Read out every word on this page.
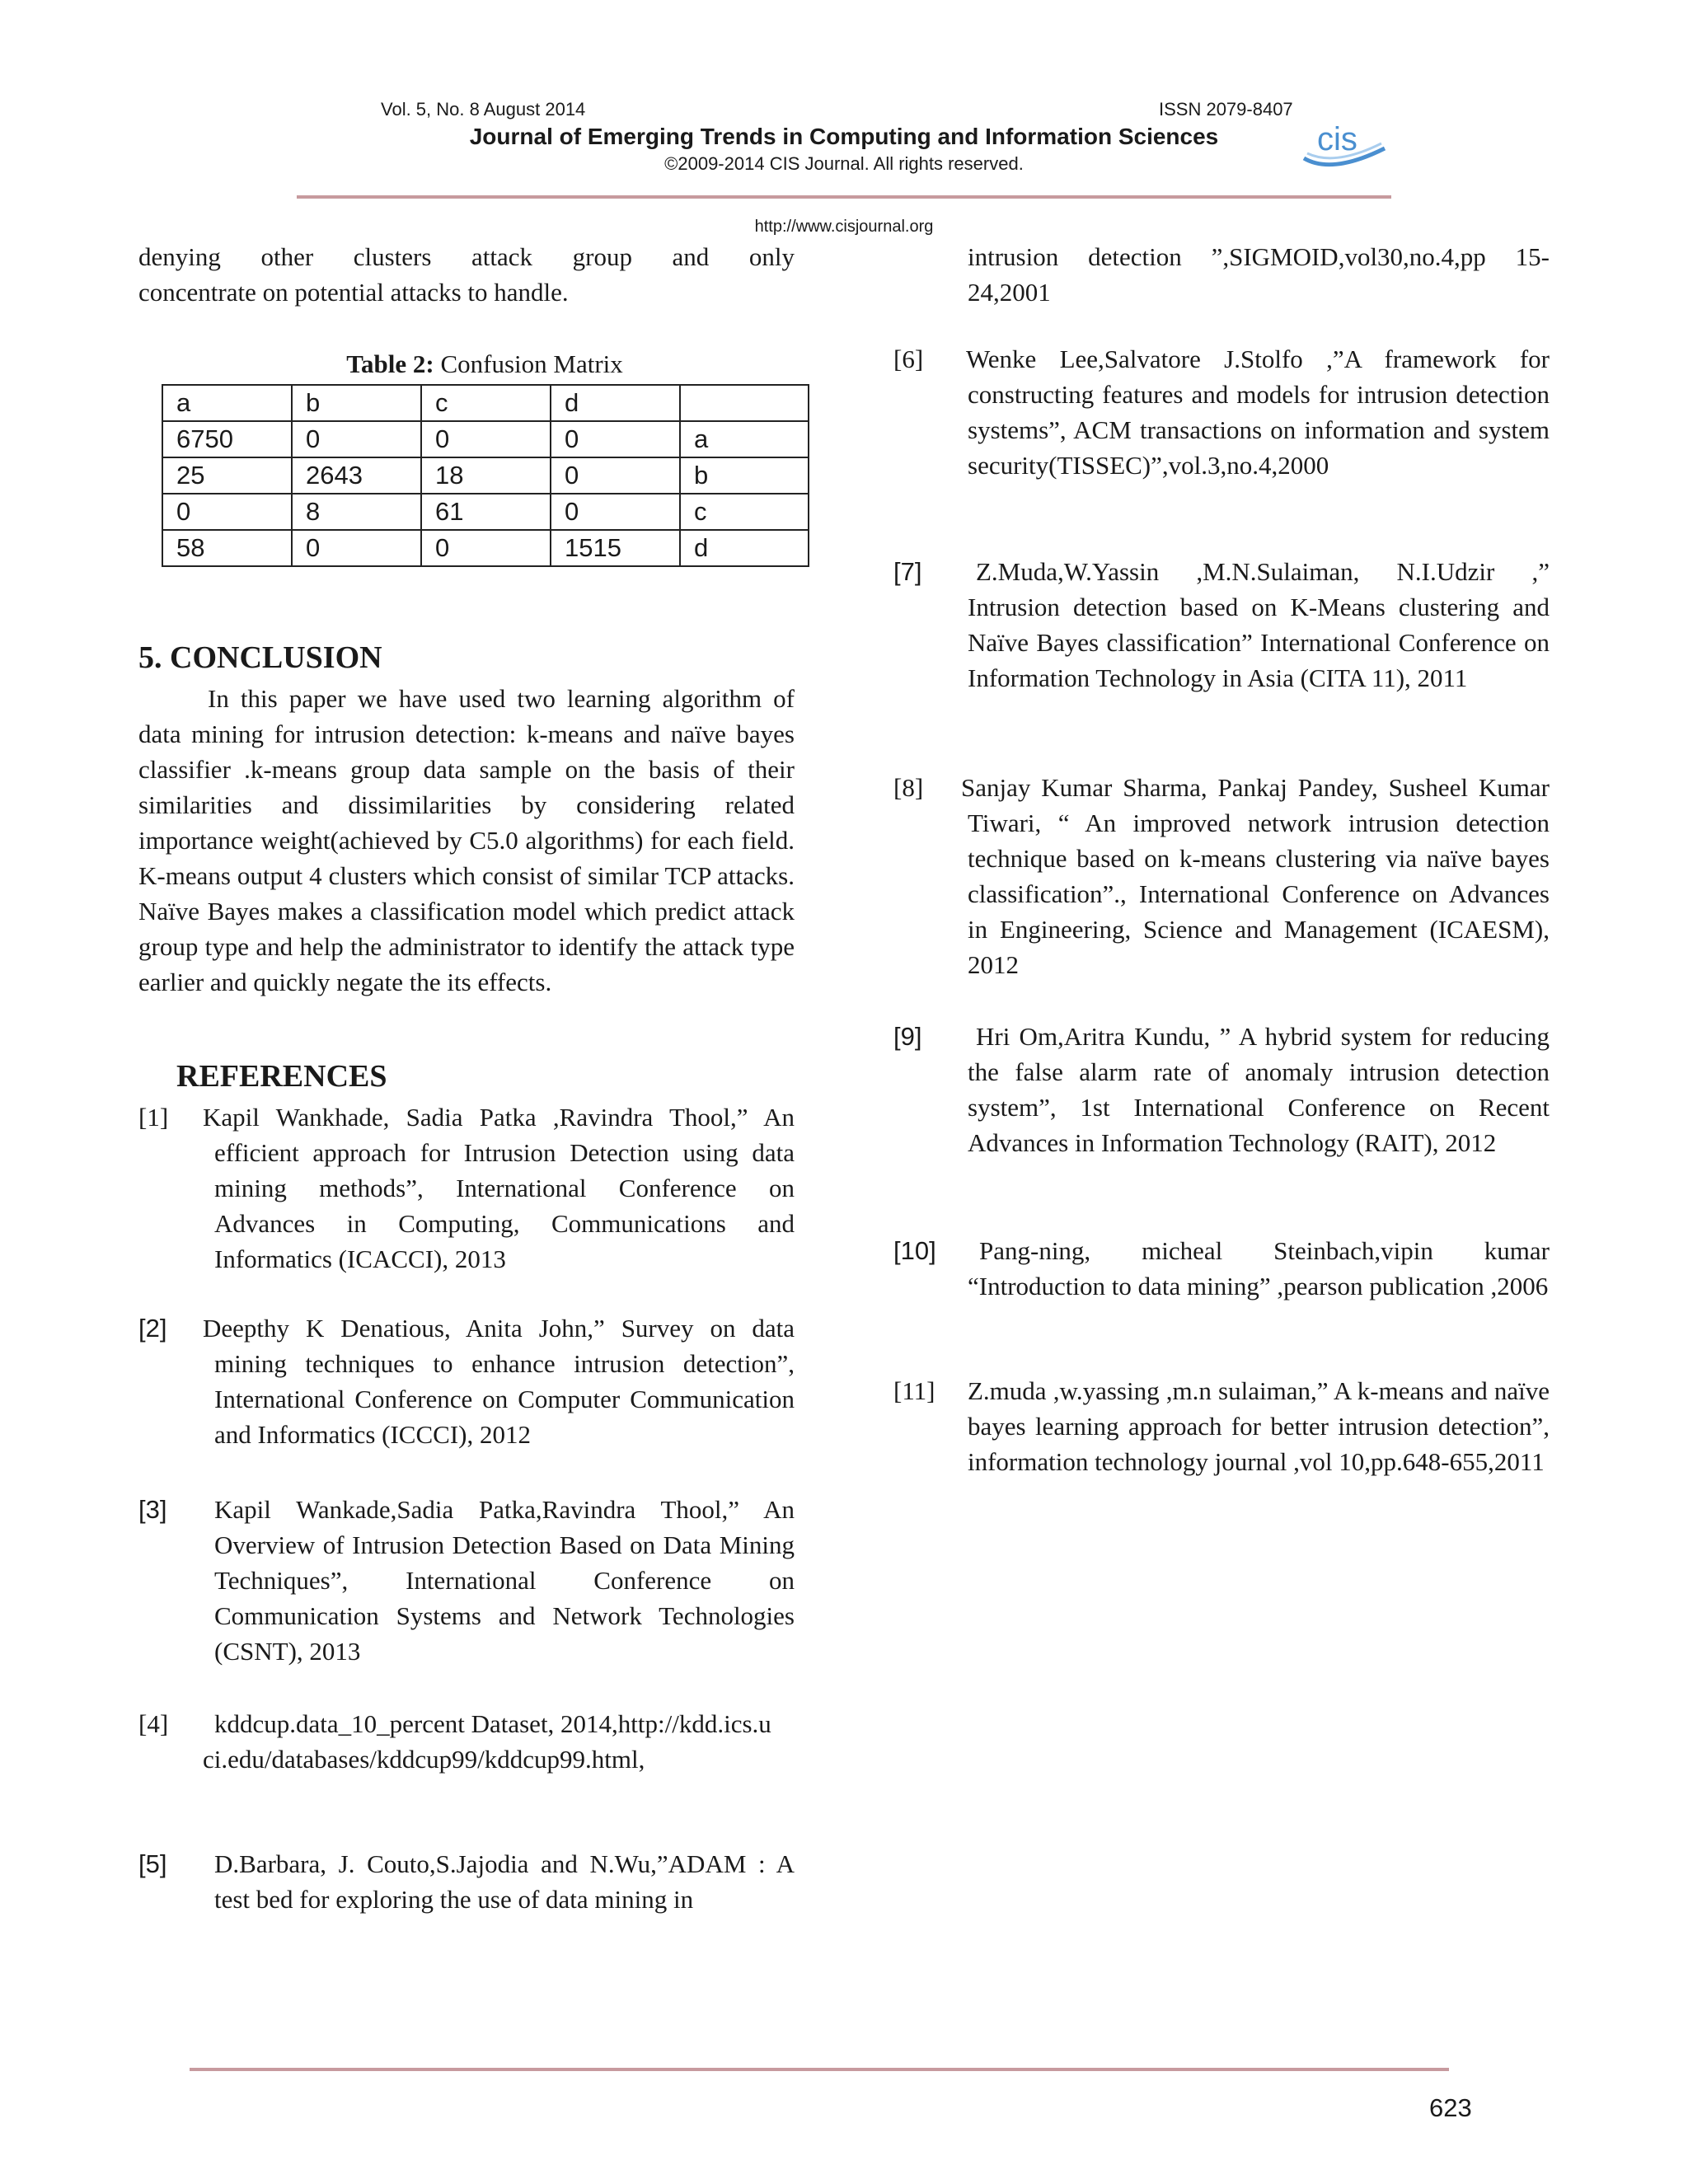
Vol. 5, No. 8 August 2014	ISSN 2079-8407
Journal of Emerging Trends in Computing and Information Sciences
©2009-2014 CIS Journal. All rights reserved.
cis
http://www.cisjournal.org
denying other clusters attack group and only
concentrate on potential attacks to handle.
Table 2: Confusion Matrix
a	b	c	d	
6750	0	0	0	a
25	2643	18	0	b
0	8	61	0	c
58	0	0	1515	d
5. CONCLUSION
In this paper we have used two learning algorithm of data mining for intrusion detection: k-means and naïve bayes classifier .k-means group data sample on the basis of their similarities and dissimilarities by considering related importance weight(achieved by C5.0 algorithms) for each field. K-means output 4 clusters which consist of similar TCP attacks. Naïve Bayes makes a classification model which predict attack group type and help the administrator to identify the attack type earlier and quickly negate the its effects.
REFERENCES
[1] Kapil Wankhade, Sadia Patka ,Ravindra Thool,” An efficient approach for Intrusion Detection using data mining methods”, International Conference on Advances in Computing, Communications and Informatics (ICACCI), 2013
[2] Deepthy K Denatious, Anita John,” Survey on data mining techniques to enhance intrusion detection”, International Conference on Computer Communication and Informatics (ICCCI), 2012
[3] Kapil Wankade,Sadia Patka,Ravindra Thool,” An Overview of Intrusion Detection Based on Data Mining Techniques”, International Conference on Communication Systems and Network Technologies (CSNT), 2013
[4]	kddcup.data_10_percent Dataset, 2014,http://kdd.ics.uci.edu/databases/kddcup99/kddcup99.html,
[5] D.Barbara, J. Couto,S.Jajodia and N.Wu,”ADAM : A test bed for exploring the use of data mining in
intrusion detection ”,SIGMOID,vol30,no.4,pp 15-24,2001
[6] Wenke Lee,Salvatore J.Stolfo ,”A framework for constructing features and models for intrusion detection systems”, ACM transactions on information and system security(TISSEC)”,vol.3,no.4,2000
[7]	Z.Muda,W.Yassin ,M.N.Sulaiman, N.I.Udzir ,” Intrusion detection based on K-Means clustering and Naïve Bayes classification” International Conference on Information Technology in Asia (CITA 11), 2011
[8] Sanjay Kumar Sharma, Pankaj Pandey, Susheel Kumar Tiwari, “ An improved network intrusion detection technique based on k-means clustering via naïve bayes classification”., International Conference on Advances in Engineering, Science and Management (ICAESM), 2012
[9]	Hri Om,Aritra Kundu, ” A hybrid system for reducing the false alarm rate of anomaly intrusion detection system”, 1st International Conference on Recent Advances in Information Technology (RAIT), 2012
[10]	Pang-ning, micheal Steinbach,vipin kumar “Introduction to data mining” ,pearson publication ,2006
[11] Z.muda ,w.yassing ,m.n sulaiman,” A k-means and naïve bayes learning approach for better intrusion detection”, information technology journal ,vol 10,pp.648-655,2011
623
